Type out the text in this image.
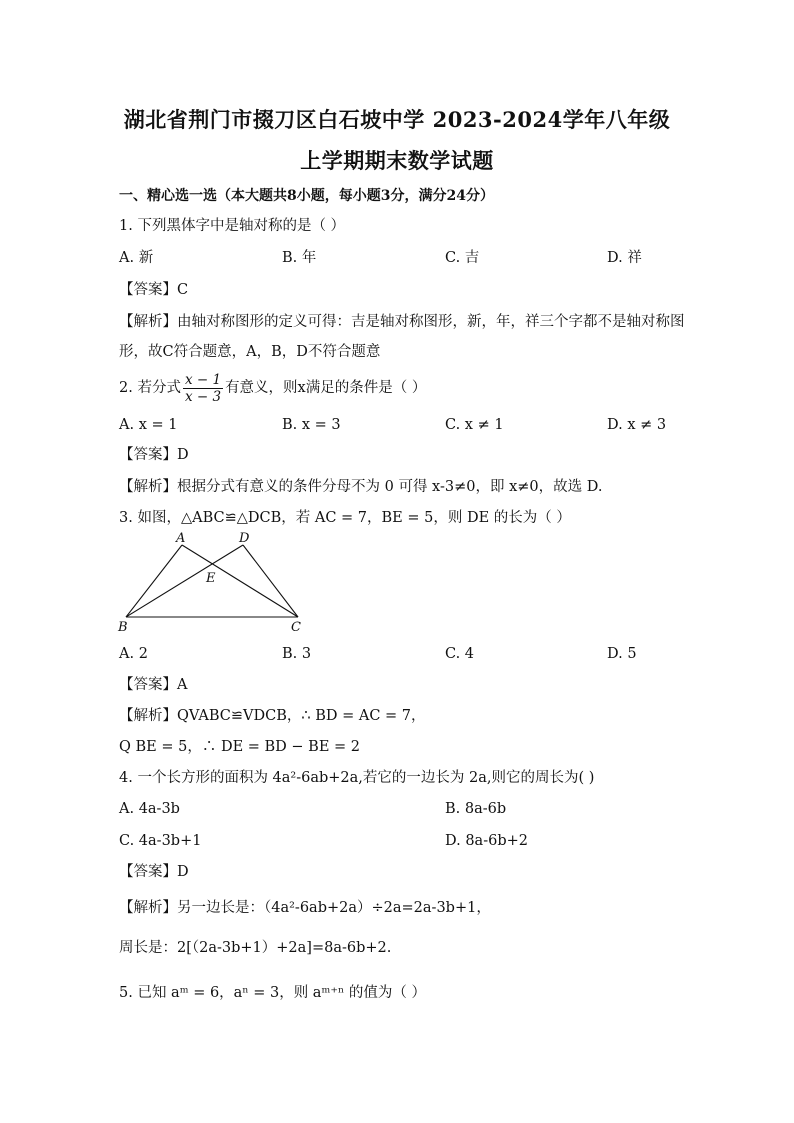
湖北省荆门市掇刀区白石坡中学 2023-2024学年八年级
上学期期末数学试题
一、精心选一选（本大题共8小题，每小题3分，满分24分）
1. 下列黑体字中是轴对称的是（ ）
A. 新	B. 年	C. 吉	D. 祥
【答案】C
【解析】由轴对称图形的定义可得：吉是轴对称图形，新，年，祥三个字都不是轴对称图
形，故C符合题意，A，B，D不符合题意
2. 若分式 $\frac{x - 1}{x - 3}$ 有意义，则x满足的条件是（ ）
A. x = 1	B. x = 3	C. x ≠ 1	D. x ≠ 3
【答案】D
【解析】根据分式有意义的条件分母不为 0 可得 x-3≠0，即 x≠0，故选 D.
3. 如图，△ABC≌△DCB，若 AC = 7，BE = 5，则 DE 的长为（ ）
A	D
E
B	C
A. 2	B. 3	C. 4	D. 5
【答案】A
【解析】QVABC≌VDCB，∴ BD = AC = 7，
Q BE = 5，∴ DE = BD − BE = 2
4. 一个长方形的面积为 4a²-6ab+2a,若它的一边长为 2a,则它的周长为( )
A. 4a-3b	B. 8a-6b
C. 4a-3b+1	D. 8a-6b+2
【答案】D
【解析】另一边长是：（4a²-6ab+2a）÷2a=2a-3b+1，
周长是：2[（2a-3b+1）+2a]=8a-6b+2.
5. 已知 aᵐ = 6，aⁿ = 3，则 aᵐ⁺ⁿ 的值为（ ）
